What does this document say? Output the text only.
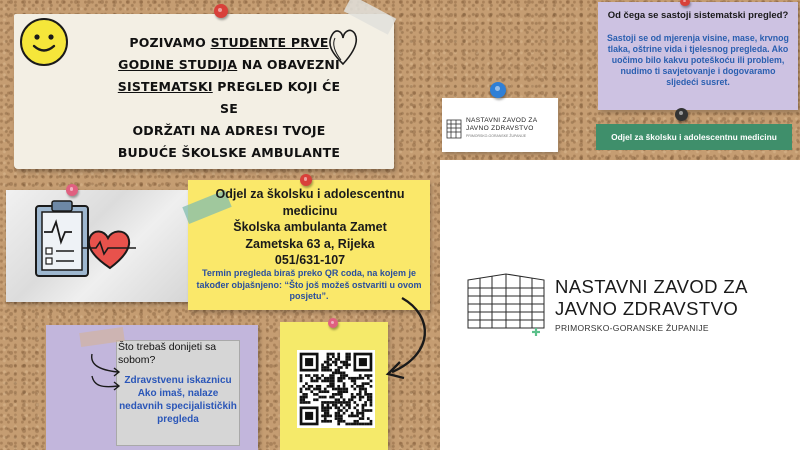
POZIVAMO STUDENTE PRVE
GODINE STUDIJA NA OBAVEZNI
SISTEMATSKI PREGLED KOJI ĆE SE
ODRŽATI NA ADRESI TVOJE
BUDUĆE ŠKOLSKE AMBULANTE
Odjel za školsku i adolescentnu
medicinu
Školska ambulanta Zamet
Zametska 63 a, Rijeka
051/631-107
Termin pregleda biraš preko QR coda, na kojem je također objašnjeno: “Što još možeš ostvariti u ovom posjetu”.
Što trebaš donijeti sa sobom?
Zdravstvenu iskaznicu
Ako imaš, nalaze nedavnih specijalističkih pregleda
Od čega se sastoji sistematski pregled?
Sastoji se od mjerenja visine, mase, krvnog tlaka, oštrine vida i tjelesnog pregleda. Ako uočimo bilo kakvu poteškoću ili problem, nudimo ti savjetovanje i dogovaramo sljedeći susret.
NASTAVNI ZAVOD ZA
JAVNO ZDRAVSTVO
PRIMORSKO-GORANSKE ŽUPANIJE	Odjel za školsku i adolescentnu medicinu
NASTAVNI ZAVOD ZA
JAVNO ZDRAVSTVO
PRIMORSKO-GORANSKE ŽUPANIJE
